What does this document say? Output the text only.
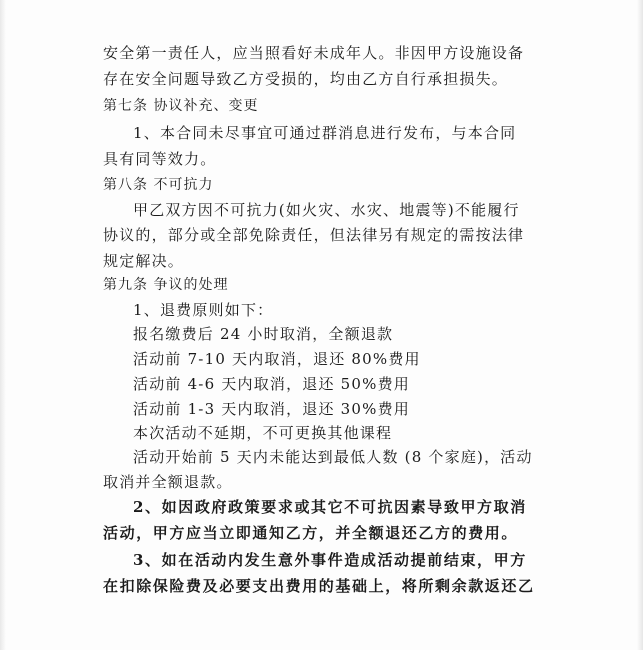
安全第一责任人，应当照看好未成年人。非因甲方设施设备
存在安全问题导致乙方受损的，均由乙方自行承担损失。
第七条 协议补充、变更
1、本合同未尽事宜可通过群消息进行发布，与本合同
具有同等效力。
第八条 不可抗力
甲乙双方因不可抗力(如火灾、水灾、地震等)不能履行
协议的，部分或全部免除责任，但法律另有规定的需按法律
规定解决。
第九条 争议的处理
1、退费原则如下：
报名缴费后 24 小时取消，全额退款
活动前 7-10 天内取消，退还 80%费用
活动前 4-6 天内取消，退还 50%费用
活动前 1-3 天内取消，退还 30%费用
本次活动不延期，不可更换其他课程
活动开始前 5 天内未能达到最低人数 (8 个家庭)，活动
取消并全额退款。
2、如因政府政策要求或其它不可抗因素导致甲方取消
活动，甲方应当立即通知乙方，并全额退还乙方的费用。
3、如在活动内发生意外事件造成活动提前结束，甲方
在扣除保险费及必要支出费用的基础上，将所剩余款返还乙
